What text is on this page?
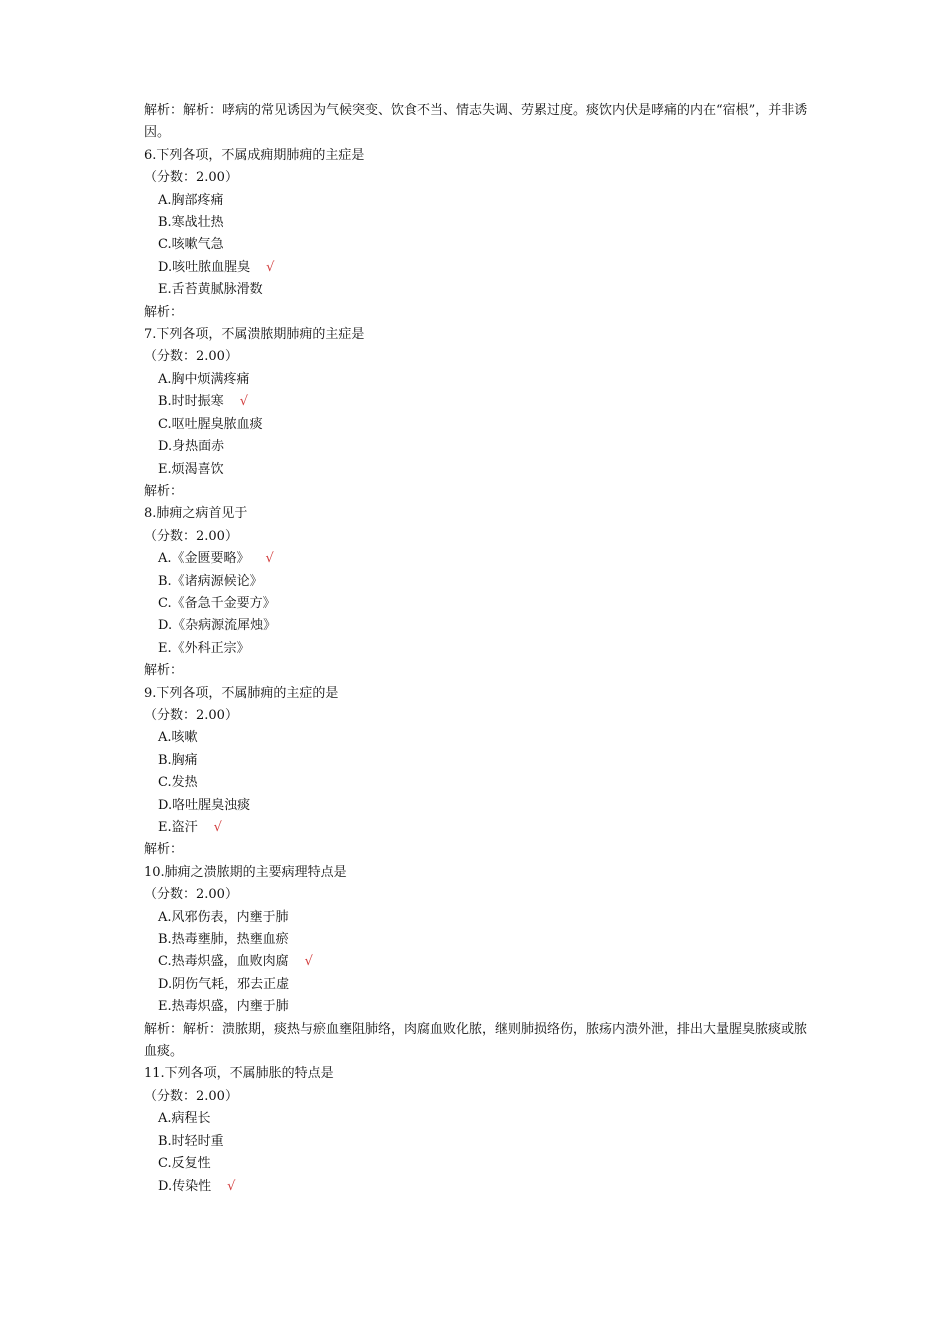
解析：解析：哮病的常见诱因为气候突变、饮食不当、情志失调、劳累过度。痰饮内伏是哮痛的内在“宿根”，并非诱因。
6.下列各项，不属成痈期肺痈的主症是
（分数：2.00）
A.胸部疼痛
B.寒战壮热
C.咳嗽气急
D.咳吐脓血腥臭 √
E.舌苔黄腻脉滑数
解析：
7.下列各项，不属溃脓期肺痈的主症是
（分数：2.00）
A.胸中烦满疼痛
B.时时振寒 √
C.呕吐腥臭脓血痰
D.身热面赤
E.烦渴喜饮
解析：
8.肺痈之病首见于
（分数：2.00）
A.《金匮要略》 √
B.《诸病源候论》
C.《备急千金要方》
D.《杂病源流犀烛》
E.《外科正宗》
解析：
9.下列各项，不属肺痈的主症的是
（分数：2.00）
A.咳嗽
B.胸痛
C.发热
D.咯吐腥臭浊痰
E.盗汗 √
解析：
10.肺痈之溃脓期的主要病理特点是
（分数：2.00）
A.风邪伤表，内壅于肺
B.热毒壅肺，热壅血瘀
C.热毒炽盛，血败肉腐 √
D.阴伤气耗，邪去正虚
E.热毒炽盛，内壅于肺
解析：解析：溃脓期，痰热与瘀血壅阻肺络，肉腐血败化脓，继则肺损络伤，脓疡内溃外泄，排出大量腥臭脓痰或脓血痰。
11.下列各项，不属肺胀的特点是
（分数：2.00）
A.病程长
B.时轻时重
C.反复性
D.传染性 √
